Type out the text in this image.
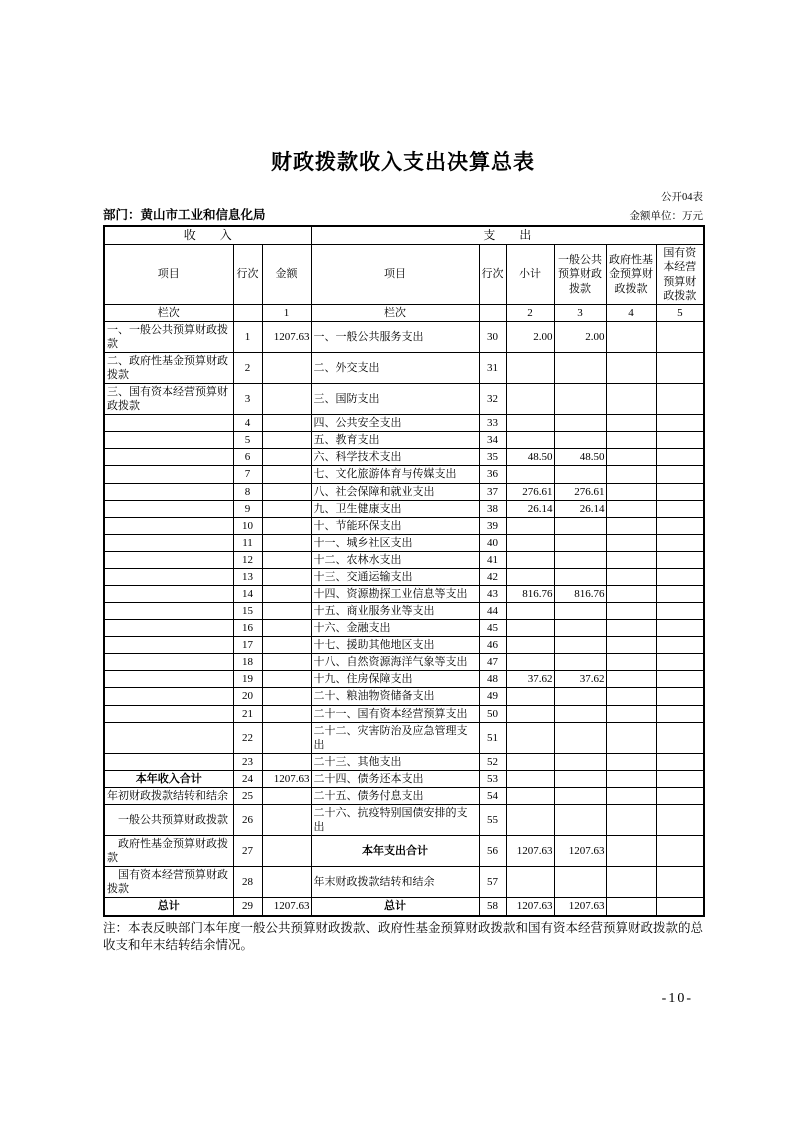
财政拨款收入支出决算总表
公开04表
部门：黄山市工业和信息化局	金额单位：万元
收　　入			支　　出					
项目	行次	金额	项目	行次	小计	一般公共预算财政拨款	政府性基金预算财政拨款	国有资本经营预算财政拨款
栏次		1	栏次		2	3	4	5
一、一般公共预算财政拨款	1	1207.63	一、一般公共服务支出	30	2.00	2.00		
二、政府性基金预算财政拨款	2		二、外交支出	31				
三、国有资本经营预算财政拨款	3		三、国防支出	32				
	4		四、公共安全支出	33				
	5		五、教育支出	34				
	6		六、科学技术支出	35	48.50	48.50		
	7		七、文化旅游体育与传媒支出	36				
	8		八、社会保障和就业支出	37	276.61	276.61		
	9		九、卫生健康支出	38	26.14	26.14		
	10		十、节能环保支出	39				
	11		十一、城乡社区支出	40				
	12		十二、农林水支出	41				
	13		十三、交通运输支出	42				
	14		十四、资源勘探工业信息等支出	43	816.76	816.76		
	15		十五、商业服务业等支出	44				
	16		十六、金融支出	45				
	17		十七、援助其他地区支出	46				
	18		十八、自然资源海洋气象等支出	47				
	19		十九、住房保障支出	48	37.62	37.62		
	20		二十、粮油物资储备支出	49				
	21		二十一、国有资本经营预算支出	50				
	22		二十二、灾害防治及应急管理支出	51				
	23		二十三、其他支出	52				
本年收入合计	24	1207.63	二十四、债务还本支出	53				
年初财政拨款结转和结余	25		二十五、债务付息支出	54				
一般公共预算财政拨款	26		二十六、抗疫特别国债安排的支出	55				
政府性基金预算财政拨款	27		本年支出合计	56	1207.63	1207.63		
国有资本经营预算财政拨款	28		年末财政拨款结转和结余	57				
总计	29	1207.63	总计	58	1207.63	1207.63		
注：本表反映部门本年度一般公共预算财政拨款、政府性基金预算财政拨款和国有资本经营预算财政拨款的总收支和年末结转结余情况。
-10-
